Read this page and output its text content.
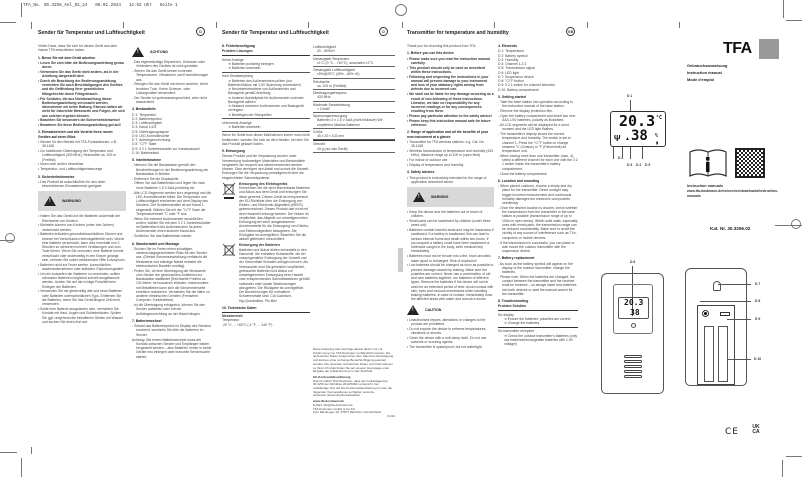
TFA_No. 30.3256_Anl_01_24   08.01.2024   14:52 Uhr   Seite 1
Sender für Temperatur und Luftfeuchtigkeit	D
Vielen Dank, dass Sie sich für dieses Gerät aus dem Hause TFA entschieden haben.
1. Bevor Sie mit dem Gerät arbeiten
• Lesen Sie sich bitte die Bedienungsanleitung genau durch.
• Verwenden Sie das Gerät nicht anders, als in der Anleitung dargestellt wird.
• Durch die Beachtung der Bedienungsanleitung vermeiden Sie auch Beschädigungen des Gerätes und die Gefährdung Ihrer gesetzlichen Mängelrechte durch Fehlgebrauch.
• Für Schäden, die aus Nichtbeachtung dieser Bedienungsanleitung verursacht werden, übernehmen wir keine Haftung. Ebenso haften wir nicht für inkorrekte Messwerte und Folgen, die sich aus solchen ergeben können.
• Beachten Sie besonders die Sicherheitshinweise!
• Bewahren Sie diese Bedienungsanleitung gut auf!
2. Einsatzbereich und alle Vorteile Ihres neuen Gerätes auf einen Blick
• Sender für den Betrieb mit TFA-Funkstationen: z.B. 35.1168
• Zur kabellosen Übertragung der Temperatur und Luftfeuchtigkeit (433 MHz), Reichweite ca. 100 m (Freifeld)
• Innen oder außen einsetzbar
• Temperatur- und Luftfeuchtigkeitsanzeige
3. Sicherheitshinweise
• Das Produkt ist ausschließlich für den oben beschriebenen Einsatzbereich geeignet.
!
WARNUNG
• Halten Sie das Gerät und die Batterien außerhalb der Reichweite von Kindern.
• Kleinteile können von Kindern (unter drei Jahren) verschluckt werden.
• Batterien enthalten gesundheitsschädliche Säuren und können bei Verschlucken lebensgefährlich sein. Wurde eine Batterie verschluckt, kann dies innerhalb von 2 Stunden zu schweren inneren Verätzungen und zum Tode führen. Wenn Sie vermuten, eine Batterie könnte verschluckt oder anderweitig in den Körper gelangt sein, nehmen Sie sofort medizinische Hilfe in Anspruch.
• Batterien nicht ins Feuer werfen, kurzschließen, auseinandernehmen oder aufladen. Explosionsgefahr!
• Um ein Auslaufen der Batterien zu vermeiden, sollten schwache Batterien möglichst schnell ausgetauscht werden. Achten Sie auf die richtige Polarität beim Einlegen der Batterien.
• Verwenden Sie nie gleichzeitig alte und neue Batterien oder Batterien unterschiedlichen Typs. Entfernen Sie die Batterien, wenn Sie das Gerät längere Zeit nicht verwenden.
• Sollte eine Batterie ausgelaufen sein, vermeiden Sie Kontakt mit Haut, Augen und Schleimhäuten. Spülen Sie ggf. umgehend die betroffenen Stellen mit Wasser und suchen Sie einen Arzt auf.
!
ACHTUNG
- Das eigenmächtige Reparieren, Umbauen oder Verändern des Gerätes ist nicht gestattet.
- Setzen Sie das Gerät keinen extremen Temperaturen, Vibrationen und Erschütterungen aus.
- Reinigen Sie das Gerät mit einem weichen, leicht feuchten Tuch. Keine Scheuer- oder Lösungsmittel verwenden!
- Der Sender ist spritzwassergeschützt, aber nicht wasserdicht.
4. Bestandteile
D 1: Temperatur
D 2: Batteriesymbol
D 3: Luftfeuchtigkeit
D 4: Kanal 1/2/3
D 5: Übertragungssignal
D 6: LED-Kontrollleuchte
D 7: Aufhängevorrichtung
D 8: °C/°F Taste
D 9: 3 2 1 Schiebeschalter zur Kanalauswahl
D 10: Batteriefach
5. Inbetriebnahme
- Nehmen Sie die Basisstation gemäß den Beschreibungen in der Bedienungsanleitung der Basisstation in Betrieb.
- Entfernen Sie die Displayfolie.
- Öffnen Sie das Batteriefach und legen Sie zwei neue Batterien 1,5 V AAA polrichtig ein.
- Alle LCD-Segmente werden kurz angezeigt und die LED-Kontrollleuchte blinkt. Die Temperatur und Luftfeuchtigkeit erscheinen auf dem Display des Senders. Der Schiebeschalter ist auf Kanal 1 eingestellt. Wählen Sie mit der °C/°F Taste die Temperatureinheit °C oder °F aus.
- Wenn Sie mehrere Außensender anschließen wollen, wählen Sie mit dem 3 2 1 Schiebeschalter im Batteriefach des Außensenders für jeden Außensender einen anderen Kanal aus.
- Schließen Sie das Batteriefach wieder.
6. Standortwahl und Montage
- Suchen Sie im Freien einen schattigen, niederschlagsgeschützten Platz für den Sender aus. (Direkte Sonneneinstrahlung verfälscht die Messwerte und ständige Nässe belastet die elektronischen Bauteile unnötig).
- Prüfen Sie, ob eine Übertragung der Messwerte vom Sender am gewünschten Aufstellort zur Basisstation stattfindet (Reichweite Freifeld ca. 100 Meter, bei massiven Wänden, insbesondere mit Metallteilen kann sich die Sendereichweite erheblich reduzieren. Vermeiden Sie die Nähe zu anderen elektrischen Geräten (Fernseher, Computer, Funktelefone).
- Ist die Übertragung erfolgreich, können Sie den Sender aufstellen oder mit der Aufhängevorrichtung an der Wand hängen.
7. Batteriewechsel
- Sobald das Batteriesymbol im Display des Senders erscheint, wechseln Sie bitte die Batterien im Sender.
Achtung: Bei einem Batteriewechsel muss der Kontakt zwischen Sender und Empfänger wieder hergestellt werden – also Batterien immer in beide Geräte neu einlegen oder manuelle Sendersuche starten.
Sender für Temperatur und Luftfeuchtigkeit	D
8. Fehlerbeseitigung
Problem Lösungen
Keine Anzeige
➜ Batterien polrichtig einlegen
➜ Batterien wechseln
Kein Sendeempfang
➜ Batterien des Außensenders prüfen (nur Batterien/Akkus mit 1,5V Spannung verwenden!)
➜ Neuinbetriebnahme von Außensender und Basisgerät gemäß Anleitung
➜ Anderen Aufstellplatz für Außensender und/oder Basisgerät wählen
➜ Abstand zwischen Außensender und Basisgerät verringern
➜ Beseitigen der Störquellen
Unkorrekte Anzeige
➜ Batterien wechseln
Wenn Ihr Gerät trotz dieser Maßnahmen immer noch nicht funktioniert, wenden Sie sich an den Händler, bei dem Sie das Produkt gekauft haben.
9. Entsorgung
Dieses Produkt und die Verpackung wurden unter Verwendung hochwertiger Materialien und Bestandteile hergestellt, die recycelt und wiederverwendet werden können. Dies verringert den Abfall und schont die Umwelt. Entsorgen Sie die Verpackung umweltgerecht über die eingerichteten Sammelsysteme.
Entsorgung des Elektrogeräts
Entnehmen Sie die nicht festverbaute Batterien und Akkus aus dem Gerät und entsorgen Sie diese getrennt. Dieses Gerät ist entsprechend der EU-Richtlinie über die Entsorgung von Elektro- und Elektronik-Altgeräten (WEEE) gekennzeichnet. Dieses Produkt darf nicht mit dem Hausmüll entsorgt werden. Der Nutzer ist verpflichtet, das Altgerät zur umweltgerechten Entsorgung bei einer ausgewiesenen Annahmestelle für die Entsorgung von Elektro- und Elektronikgeräten abzugeben. Die Rückgabe ist unentgeltlich. Beachten Sie die aktuell geltenden Vorschriften!
Entsorgung der Batterien
Batterien und Akkus dürfen keinesfalls in den Hausmüll. Sie enthalten Schadstoffe, die bei unsachgemäßer Entsorgung der Umwelt und der Gesundheit Schaden zufügen können. Als Verbraucher sind Sie gesetzlich verpflichtet, gebrauchte Batterien und Akkus zur umweltgerechten Entsorgung beim Handel oder entsprechenden Sammelstationen gemäß nationaler oder lokaler Bestimmungen abzugeben. Die Rückgabe ist unentgeltlich. Die Bezeichnungen für enthaltene Schwermetalle sind: Cd=Cadmium, Hg=Quecksilber, Pb=Blei
10. Technische Daten
Messbereich
Temperatur
-20 °C … +60°C (-4 °F … 140 °F)
Luftfeuchtigkeit
20…80%rH
Genauigkeit Temperatur
±1°C (0 °C…+40°C), ansonsten ±2°C
Genauigkeit Luftfeuchtigkeit
±5%@25°C (40%…80% rH)
Reichweite
ca. 100 m (Freifeld)
Übertragungsfrequenz
433 MHz
Maximale Sendeleistung
< 10mW
Spannungsversorgung
Batterien 2 x 1,5 V AAA (nicht inklusive) Wir empfehlen Alkaline Batterien
Größe
45 x 20 x 102 mm
Gewicht
43 g (nur das Gerät)
Diese Anleitung oder Auszüge daraus dürfen nur mit Zustimmung von TFA Dostmann veröffentlicht werden. Die technischen Daten entsprechen dem Stand bei Drucklegung und können ohne vorherige Benachrichtigung geändert werden. Die neuesten technischen Daten und Informationen zu Ihrem Produkt finden Sie auf unserer Homepage unter Eingabe der Artikel-Nummer in das Suchfeld.
EU-Konformitätserklärung
Hiermit erklärt TFA Dostmann, dass der Funkanlagentyp 30.3256 der Richtlinie 2014/53/EU entspricht. Der vollständige Text der EU-Konformitätserklärung ist unter der folgenden Internetadresse verfügbar: www.tfa-dostmann.de/service/downloads/ce
www.tfa-dostmann.de
E-Mail: info@tfa-dostmann.de
TFA Dostmann GmbH & Co.KG
Zum Ellenbogen 10, 97877 Wertheim, Deutschland
01/24
Transmitter for temperature and humidity	GB
Thank you for choosing this product from TFA.
1. Before you use this device
• Please make sure you read the instruction manual carefully.
• This product should only be used as described within these instructions.
• Following and respecting the instructions in your manual will prevent damage to your instrument and loss of your statutory rights arising from defects due to incorrect use.
• We shall not be liable for any damage occurring as a result of non-following of these instructions. Likewise, we take no responsibility for any incorrect readings or for any consequences resulting from them.
• Please pay particular attention to the safety advice!
• Please keep this instruction manual safe for future reference.
2. Range of application and all the benefits of your new instrument at a glance
• Transmitter for TFA wireless stations: e.g. Cat. No. 35.1168
• Wireless transmission of temperature and humidity (433 MHz), distance range up to 100 m (open field)
• For indoor or outdoor use
• Display of temperature and humidity
3. Safety advices
• This product is exclusively intended for the range of application described above.
!
WARNING
• Keep the device and the batteries out of reach of children.
• Small parts can be swallowed by children (under three years old).
• Batteries contain harmful acids and may be hazardous if swallowed. If a battery is swallowed, this can lead to serious internal burns and death within two hours. If you suspect a battery could have been swallowed or otherwise caught in the body, seek medical help immediately.
• Batteries must not be thrown into a fire, short-circuited, taken apart or recharged. Risk of explosion!
• Low batteries should be changed as soon as possible to prevent damage caused by leaking. Make sure the polarities are correct. Never use a combination of old and new batteries together, nor batteries of different types. Remove the batteries if the device will not be used for an extended period of time. Avoid contact with skin, eyes and mucous membranes when handling leaking batteries. In case of contact, immediately rinse the affected areas with water and consult a doctor.
!
CAUTION
• Unauthorised repairs, alterations or changes to the product are prohibited.
• Do not expose the device to extreme temperatures, vibrations or shocks.
• Clean the device with a soft damp cloth. Do not use solvents or scouring agents.
• The transmitter is splashproof, but not watertight.
4. Elements
D 1: Temperature
D 2: Battery symbol
D 3: Humidity
D 4: Channel 1,2,3
D 5: Transmission signal
D 6: LED light
D 7: Suspension device
D 8: °C/°F button
D 9: 3 2 1 switch for channel selection
D 10: Battery compartment
5. Getting started
- Take the base station into operation according to the instruction manual of the base station.
- Remove the display protection film.
- Open the battery compartment and insert two new AAA 1.5V batteries, polarity as illustrated.
- All LCD segments will be displayed for a short moment and the LED light flashes.
- The transmitter's display shows the current temperature and humidity. The switch is set to channel 1. Press the °C/°F button to change between °C (Celsius) or °F (Fahrenheit) as temperature unit.
- When having more than one transmitter (max. 3), select a different channel for each one with the 3 2 1 switch inside the transmitter's battery compartment.
- Close the battery compartment.
6. Location and mounting
- When placed outdoors, choose a shady and dry place for the transmitter. Direct sunlight may trigger incorrect measurement and continuous humidity damages the electronic components needlessly.
- Once the desired location is chosen, check whether the transmission from the transmitter to the base station is possible (transmission range of up to 100m in open areas). Within solid walls, especially ones with metal parts, the transmission range can be reduced considerably. Make sure to avoid the vicinity of any source of interference such as TVs, computers or mobile devices.
- If the transmission is successful, you can place or wall mount the outdoor transmitter with the suspension device.
7. Battery replacement
- As soon as the battery symbol will appear on the display of the outdoor transmitter, change the batteries.
- Please note: When the batteries are changed, the contact between the transmitter and the receiver must be restored – so always insert new batteries into both devices or start the manual search for the transmitter.
8. Troubleshooting
Problem Solution
No display
➜ Ensure the batteries' polarities are correct
➜ Change the batteries
No transmitter reception
➜ Check the outdoor transmitter's batteries (only use batteries/rechargeable batteries with 1.5V voltage!)
D 1
20.3 °C
Ψ ▲ 38 %
▮
D 4
D 3 D 2 D 5
D 6
20.3
38
TFA
Gebrauchsanweisung
Instruction manual
Mode d'emploi
Instruction manuals
www.tfa-dostmann.de/en/service/downloads/instruction-manuals
Kat. Nr. 30.3256.02
D 7
D 8
D 9
D 10
CE	UK CA
